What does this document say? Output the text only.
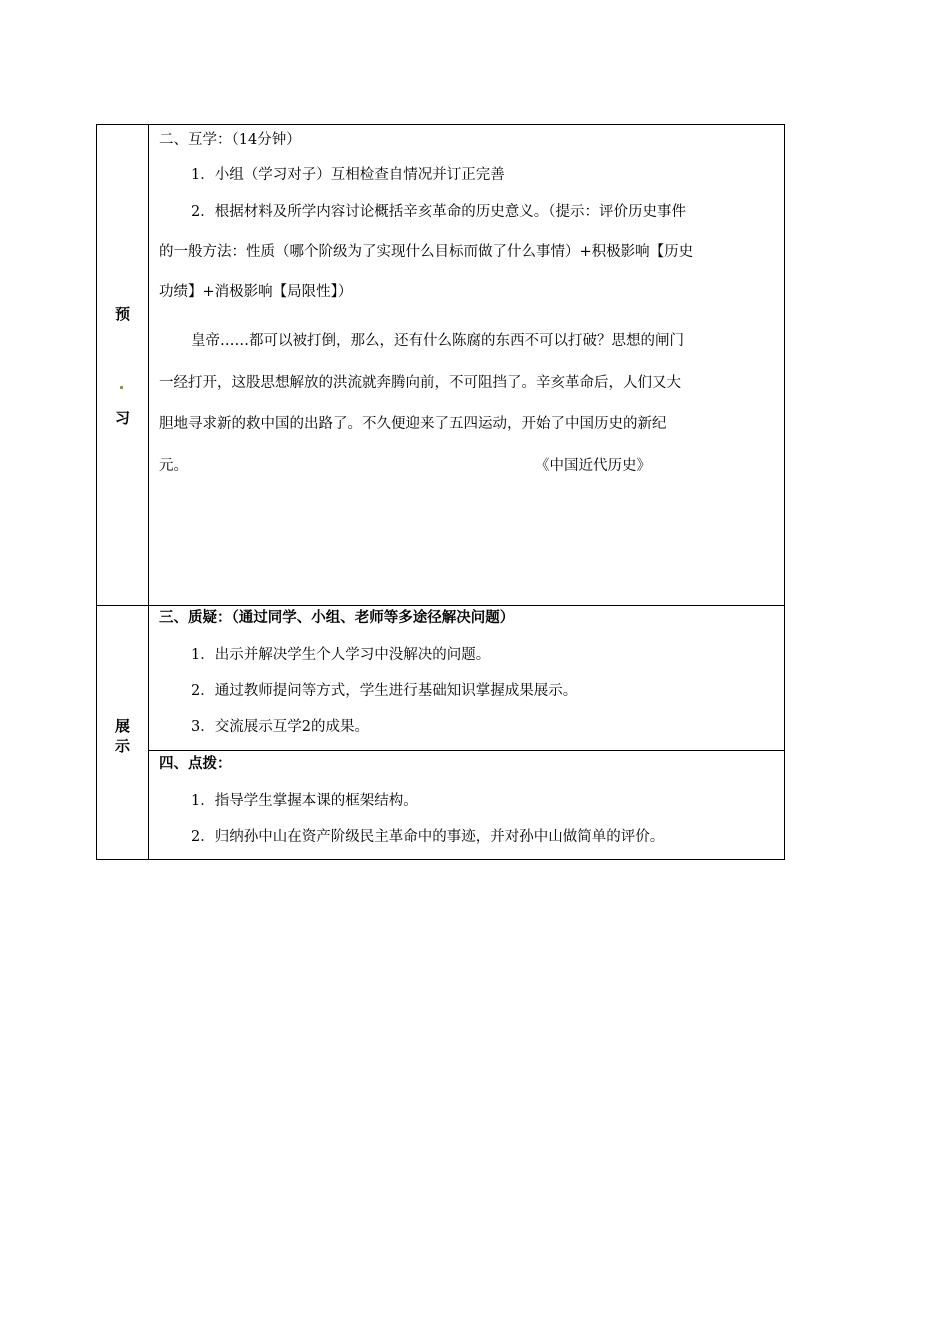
预
习
二、互学：（14分钟）
1．小组（学习对子）互相检查自情况并订正完善
2．根据材料及所学内容讨论概括辛亥革命的历史意义。（提示：评价历史事件
的一般方法：性质（哪个阶级为了实现什么目标而做了什么事情）+积极影响【历史
功绩】+消极影响【局限性】）
皇帝……都可以被打倒，那么，还有什么陈腐的东西不可以打破？思想的闸门
一经打开，这股思想解放的洪流就奔腾向前，不可阻挡了。辛亥革命后，人们又大
胆地寻求新的救中国的出路了。不久便迎来了五四运动，开始了中国历史的新纪
元。	《中国近代历史》
展
示
三、质疑：（通过同学、小组、老师等多途径解决问题）
1．出示并解决学生个人学习中没解决的问题。
2．通过教师提问等方式，学生进行基础知识掌握成果展示。
3．交流展示互学2的成果。
四、点拨：
1．指导学生掌握本课的框架结构。
2．归纳孙中山在资产阶级民主革命中的事迹，并对孙中山做简单的评价。
